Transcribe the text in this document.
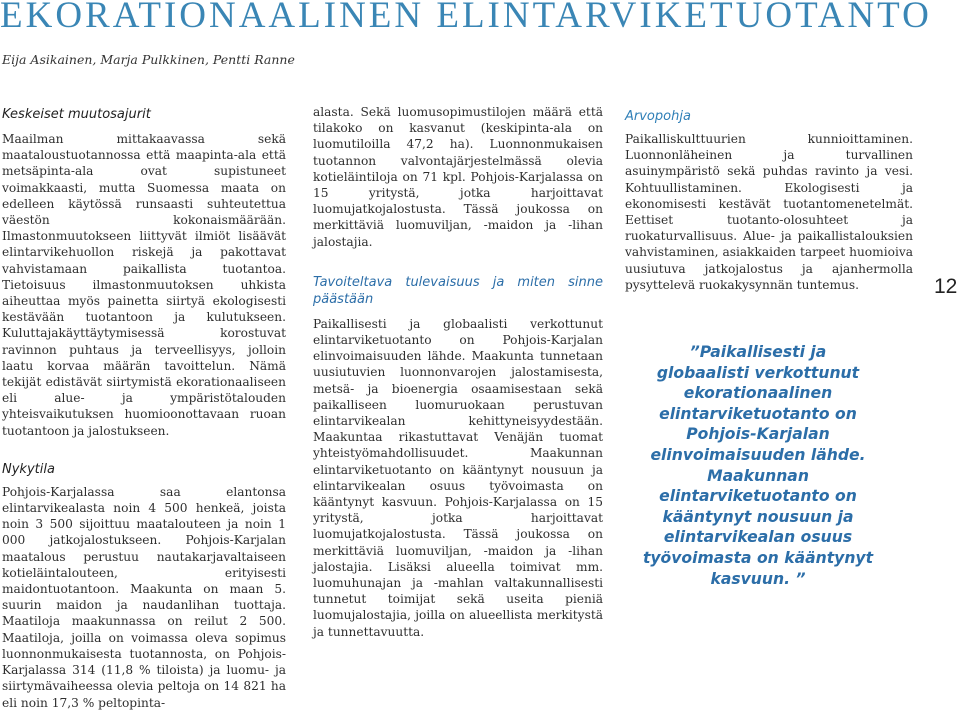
EKORATIONAALINEN ELINTARVIKETUOTANTO
Eija Asikainen, Marja Pulkkinen, Pentti Ranne
Keskeiset muutosajurit

Maailman mittakaavassa sekä maataloustuotannossa että maapinta-ala että metsäpinta-ala ovat supistuneet voimakkaasti, mutta Suomessa maata on edelleen käytössä runsaasti suhteutettua väestön kokonaismäärään. Ilmastonmuutokseen liittyvät ilmiöt lisäävät elintarvikehuollon riskejä ja pakottavat vahvistamaan paikallista tuotantoa. Tietoisuus ilmastonmuutoksen uhkista aiheuttaa myös painetta siirtyä ekologisesti kestävään tuotantoon ja kulutukseen. Kuluttajakäyttäytymisessä korostuvat ravinnon puhtaus ja terveellisyys, jolloin laatu korvaa määrän tavoittelun. Nämä tekijät edistävät siirtymistä ekorationaaliseen eli alue- ja ympäristötalouden yhteisvaikutuksen huomioonottavaan ruoan tuotantoon ja jalostukseen.

Nykytila

Pohjois-Karjalassa saa elantonsa elintarvikealasta noin 4 500 henkeä, joista noin 3 500 sijoittuu maatalouteen ja noin 1 000 jatkojalostukseen. Pohjois-Karjalan maatalous perustuu nautakarjavaltaiseen kotieläintalouteen, erityisesti maidontuotantoon. Maakunta on maan 5. suurin maidon ja naudanlihan tuottaja. Maatiloja maakunnassa on reilut 2 500. Maatiloja, joilla on voimassa oleva sopimus luonnonmukaisesta tuotannosta, on Pohjois-Karjalassa 314 (11,8 % tiloista) ja luomu- ja siirtymävaiheessa olevia peltoja on 14 821 ha eli noin 17,3 % peltopinta-

alasta. Sekä luomusopimustilojen määrä että tilakoko on kasvanut (keskipinta-ala on luomutiloilla 47,2 ha). Luonnonmukaisen tuotannon valvontajärjestelmässä olevia kotieläintiloja on 71 kpl. Pohjois-Karjalassa on 15 yritystä, jotka harjoittavat luomujatkojalostusta. Tässä joukossa on merkittäviä luomuviljan, -maidon ja -lihan jalostajia.

Tavoiteltava tulevaisuus ja miten sinne päästään

Paikallisesti ja globaalisti verkottunut elintarviketuotanto on Pohjois-Karjalan elinvoimaisuuden lähde. Maakunta tunnetaan uusiutuvien luonnonvarojen jalostamisesta, metsä- ja bioenergia osaamisestaan sekä paikalliseen luomuruokaan perustuvan elintarvikealan kehittyneisyydestään. Maakuntaa rikastuttavat Venäjän tuomat yhteistyömahdollisuudet. Maakunnan elintarviketuotanto on kääntynyt nousuun ja elintarvikealan osuus työvoimasta on kääntynyt kasvuun. Pohjois-Karjalassa on 15 yritystä, jotka harjoittavat luomujatkojalostusta. Tässä joukossa on merkittäviä luomuviljan, -maidon ja -lihan jalostajia. Lisäksi alueella toimivat mm. luomuhunajan ja -mahlan valtakunnallisesti tunnetut toimijat sekä useita pieniä luomujalostajia, joilla on alueellista merkitystä ja tunnettavuutta.

Arvopohja

Paikalliskulttuurien kunnioittaminen. Luonnonläheinen ja turvallinen asuinympäristö sekä puhdas ravinto ja vesi. Kohtuullistaminen. Ekologisesti ja ekonomisesti kestävät tuotantomenetelmät. Eettiset tuotanto-olosuhteet ja ruokaturvallisuus. Alue- ja paikallistalouksien vahvistaminen, asiakkaiden tarpeet huomioiva uusiutuva jatkojalostus ja ajanhermolla pysyttelevä ruokakysynnän tuntemus.

”Paikallisesti ja globaalisti verkottunut ekorationaalinen elintarviketuotanto on Pohjois-Karjalan elinvoimaisuuden lähde. Maakunnan elintarviketuotanto on kääntynyt nousuun ja elintarvikealan osuus työvoimasta on kääntynyt kasvuun. ”
12
